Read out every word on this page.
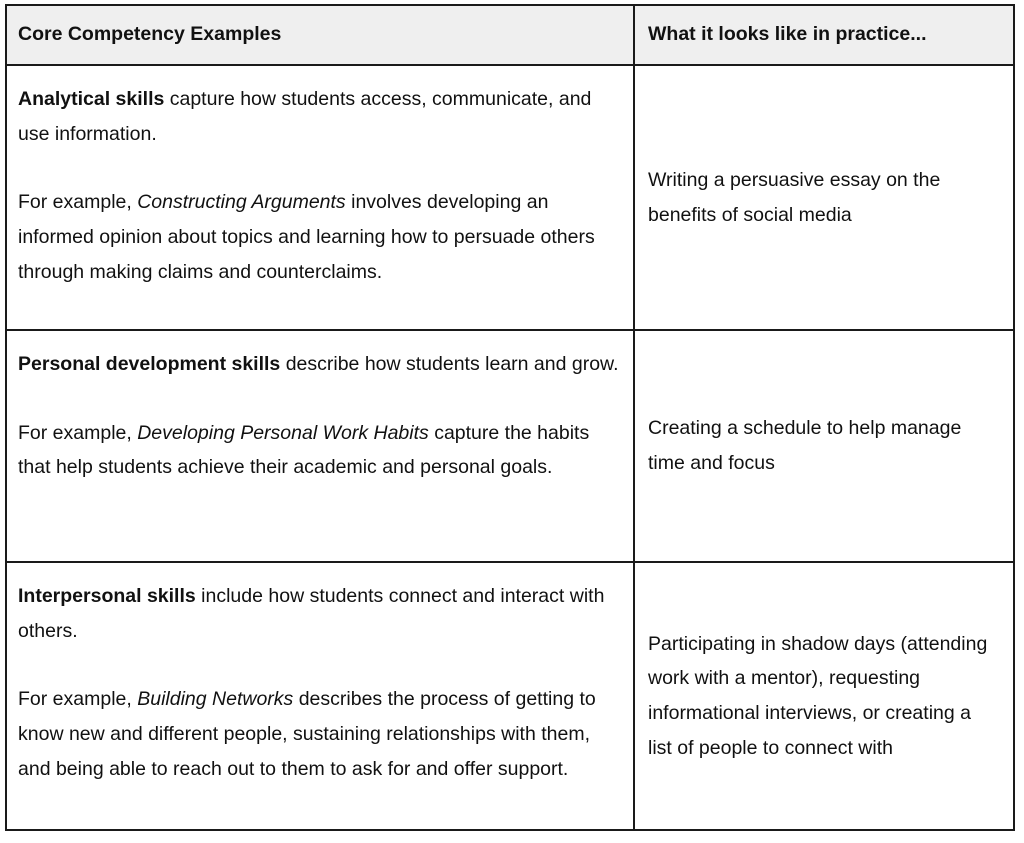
Core Competency Examples	What it looks like in practice...

Analytical skills capture how students access, communicate, and use information.

For example, Constructing Arguments involves developing an informed opinion about topics and learning how to persuade others through making claims and counterclaims.	Writing a persuasive essay on the benefits of social media

Personal development skills describe how students learn and grow.

For example, Developing Personal Work Habits capture the habits that help students achieve their academic and personal goals.	Creating a schedule to help manage time and focus

Interpersonal skills include how students connect and interact with others.

For example, Building Networks describes the process of getting to know new and different people, sustaining relationships with them, and being able to reach out to them to ask for and offer support.	Participating in shadow days (attending work with a mentor), requesting informational interviews, or creating a list of people to connect with
